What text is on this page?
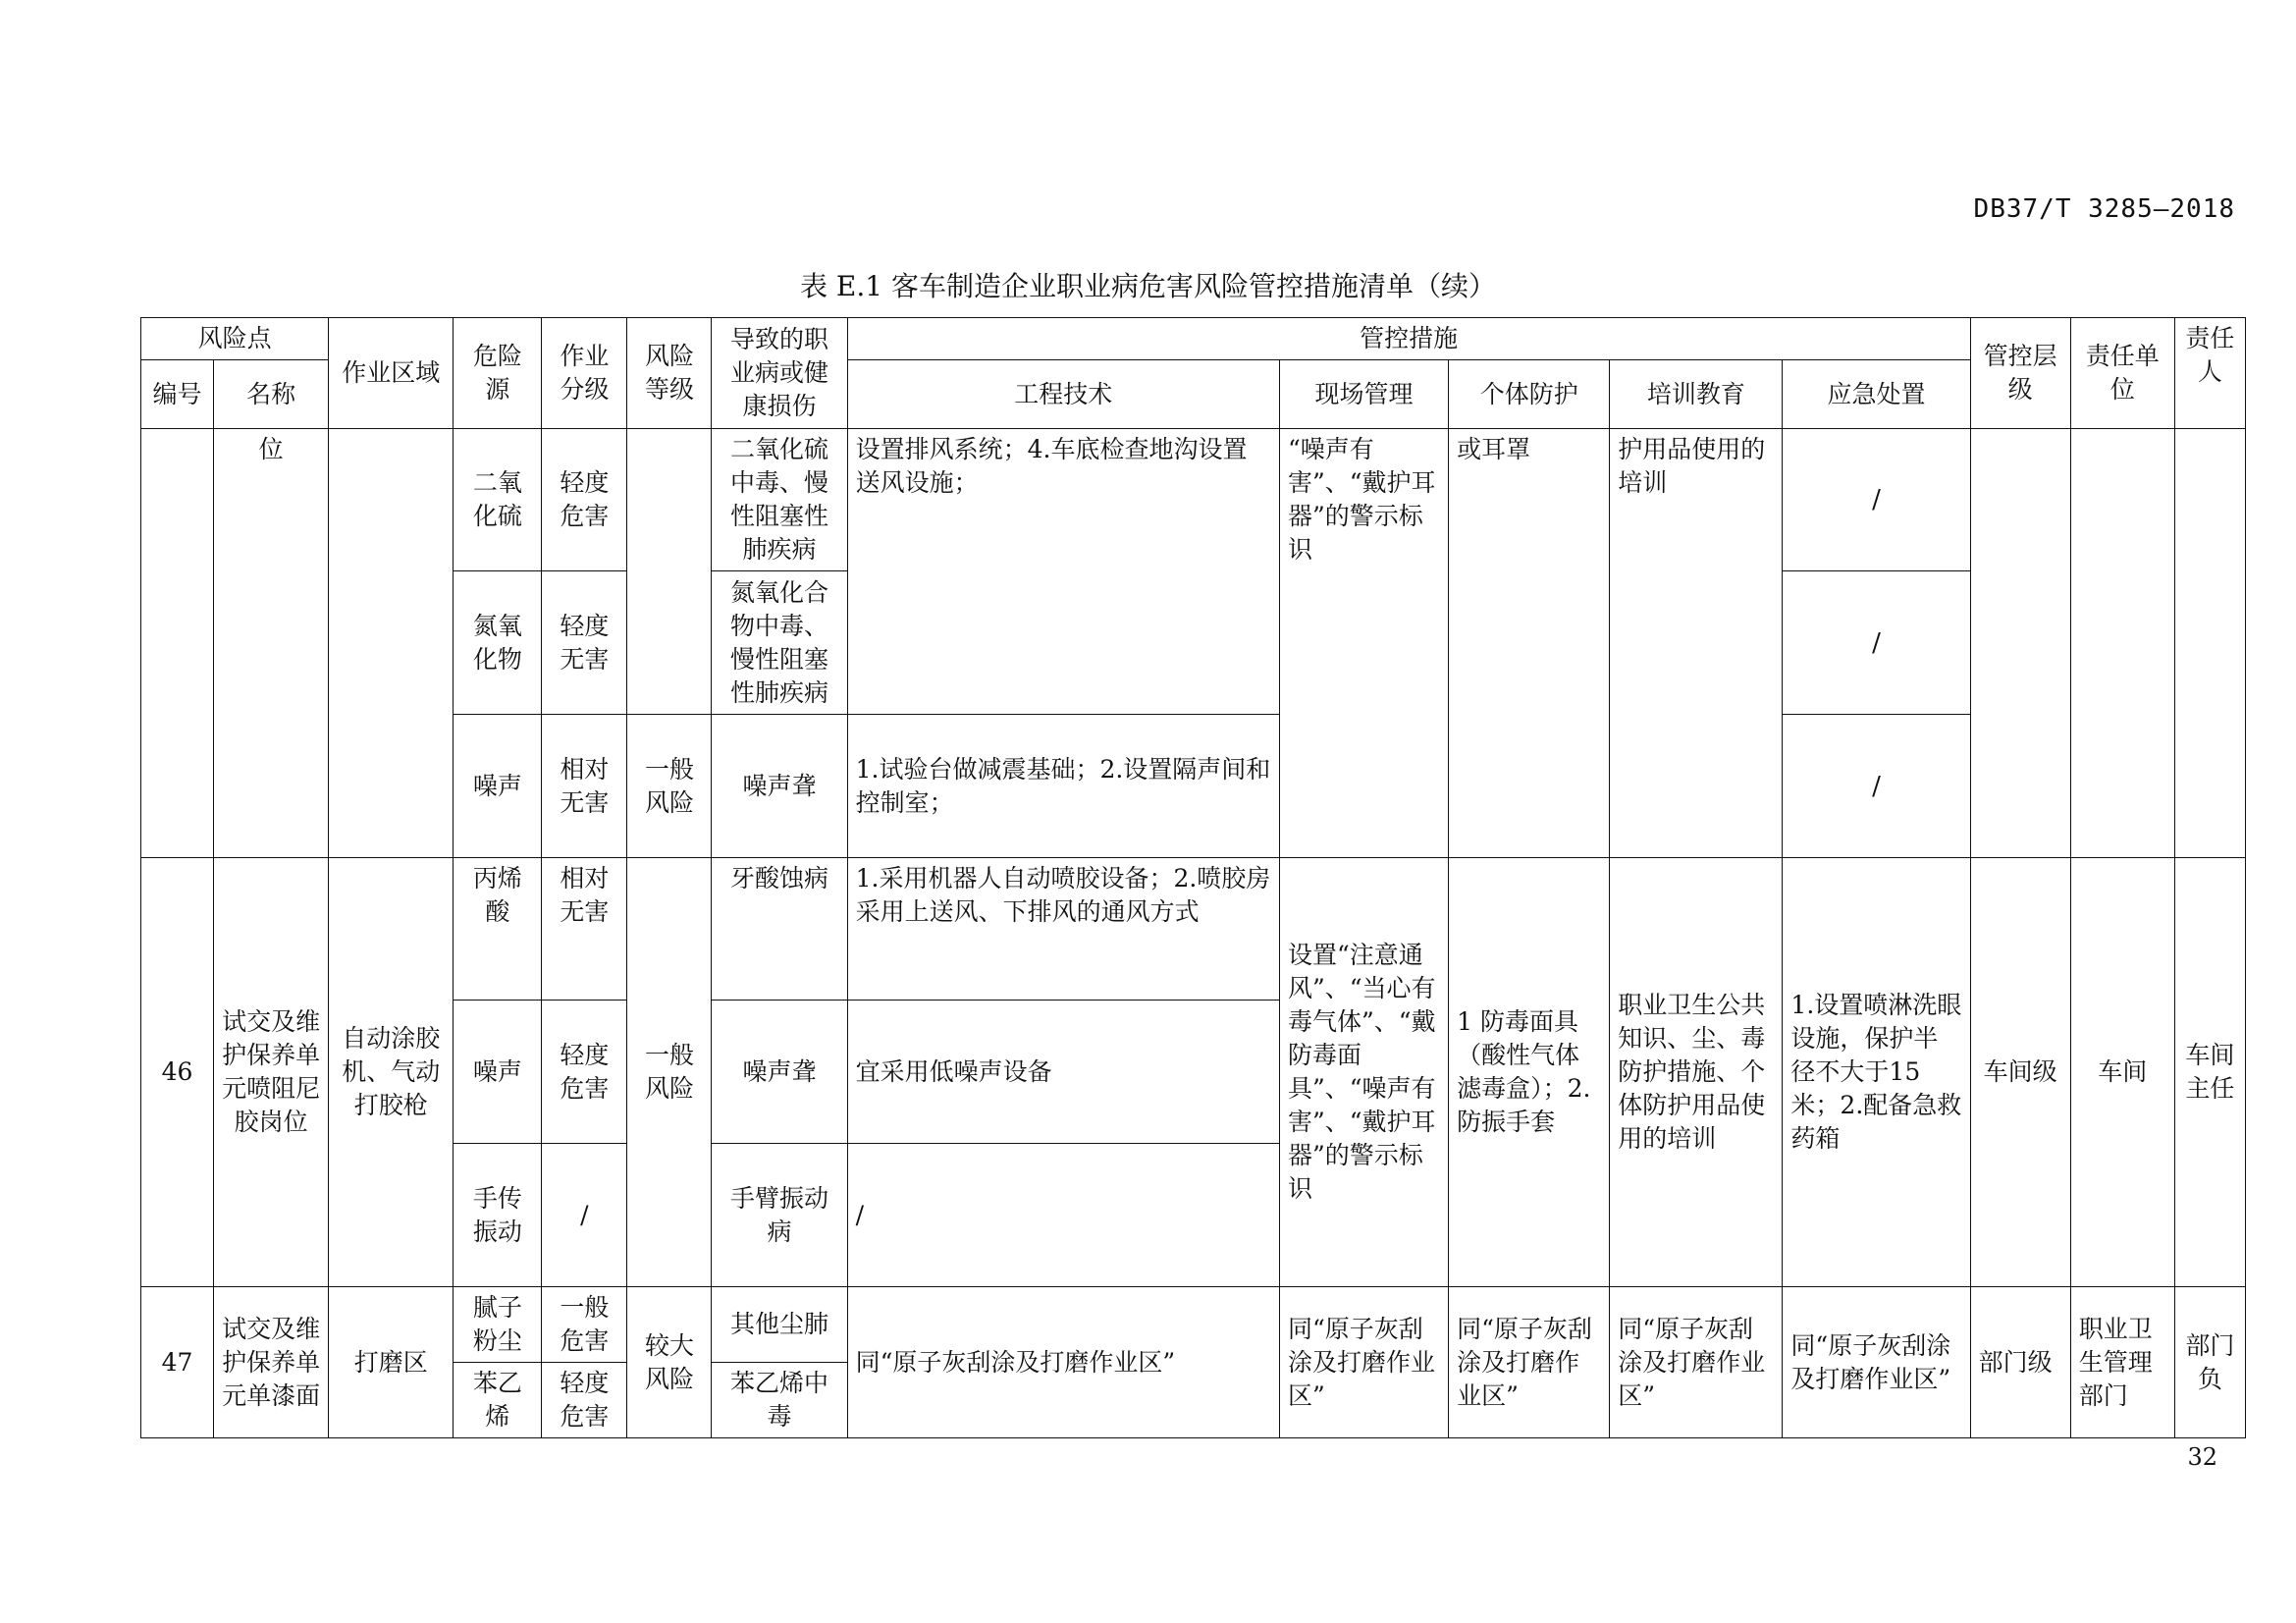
DB37/T 3285—2018
表 E.1 客车制造企业职业病危害风险管控措施清单（续）
风险点		作业区域	危险源	作业分级	风险等级	导致的职业病或健康损伤	管控措施					管控层级	责任单位	责任人
编号	名称						工程技术	现场管理	个体防护	培训教育	应急处置			
	位		二氧化硫	轻度危害		二氧化硫中毒、慢性阻塞性肺疾病	设置排风系统；4.车底检查地沟设置送风设施；	“噪声有害”、“戴护耳器”的警示标识	或耳罩	护用品使用的培训	/			
			氮氧化物	轻度无害		氮氧化合物中毒、慢性阻塞性肺疾病					/			
			噪声	相对无害	一般风险	噪声聋	1.试验台做减震基础；2.设置隔声间和控制室；				/			
46	试交及维护保养单元喷阻尼胶岗位	自动涂胶机、气动打胶枪	丙烯酸	相对无害	一般风险	牙酸蚀病	1.采用机器人自动喷胶设备；2.喷胶房采用上送风、下排风的通风方式	设置“注意通风”、“当心有毒气体”、“戴防毒面具”、“噪声有害”、“戴护耳器”的警示标识	1 防毒面具（酸性气体滤毒盒）；2.防振手套	职业卫生公共知识、尘、毒防护措施、个体防护用品使用的培训	1.设置喷淋洗眼设施，保护半径不大于15米；2.配备急救药箱	车间级	车间	车间主任
			噪声	轻度危害		噪声聋	宜采用低噪声设备							
			手传振动	/		手臂振动病	/							
47	试交及维护保养单元单漆面	打磨区	腻子粉尘	一般危害	较大风险	其他尘肺	同“原子灰刮涂及打磨作业区”	同“原子灰刮涂及打磨作业区”	同“原子灰刮涂及打磨作业区”	同“原子灰刮涂及打磨作业区”	同“原子灰刮涂及打磨作业区”	部门级	职业卫生管理部门	部门负
			苯乙烯	轻度危害		苯乙烯中毒								
32
